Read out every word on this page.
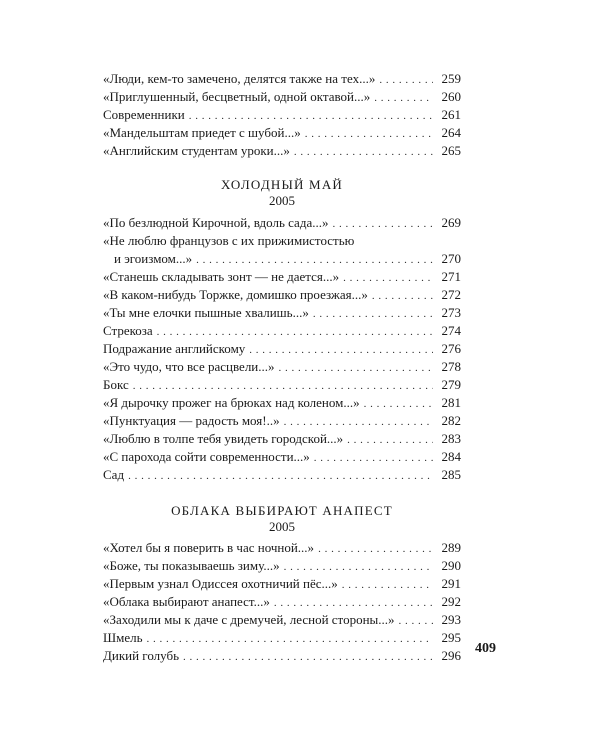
«Люди, кем-то замечено, делятся также на тех...» . . .	259
«Приглушенный, бесцветный, одной октавой...» . . .	260
Современники . . .	261
«Мандельштам приедет с шубой...» . . .	264
«Английским студентам уроки...» . . .	265
ХОЛОДНЫЙ МАЙ
2005
«По безлюдной Кирочной, вдоль сада...» . . .	269
«Не люблю французов с их прижимистостью
и эгоизмом...» . . .	270
«Станешь складывать зонт — не дается...» . . .	271
«В каком-нибудь Торжке, домишко проезжая...» . . .	272
«Ты мне елочки пышные хвалишь...» . . .	273
Стрекоза . . .	274
Подражание английскому . . .	276
«Это чудо, что все расцвели...» . . .	278
Бокс . . .	279
«Я дырочку прожег на брюках над коленом...» . . .	281
«Пунктуация — радость моя!..» . . .	282
«Люблю в толпе тебя увидеть городской...» . . .	283
«С парохода сойти современности...» . . .	284
Сад . . .	285
ОБЛАКА ВЫБИРАЮТ АНАПЕСТ
2005
«Хотел бы я поверить в час ночной...» . . .	289
«Боже, ты показываешь зиму...» . . .	290
«Первым узнал Одиссея охотничий пёс...» . . .	291
«Облака выбирают анапест...» . . .	292
«Заходили мы к даче с дремучей, лесной стороны...» . . .	293
Шмель . . .	295
Дикий голубь . . .	296 409
